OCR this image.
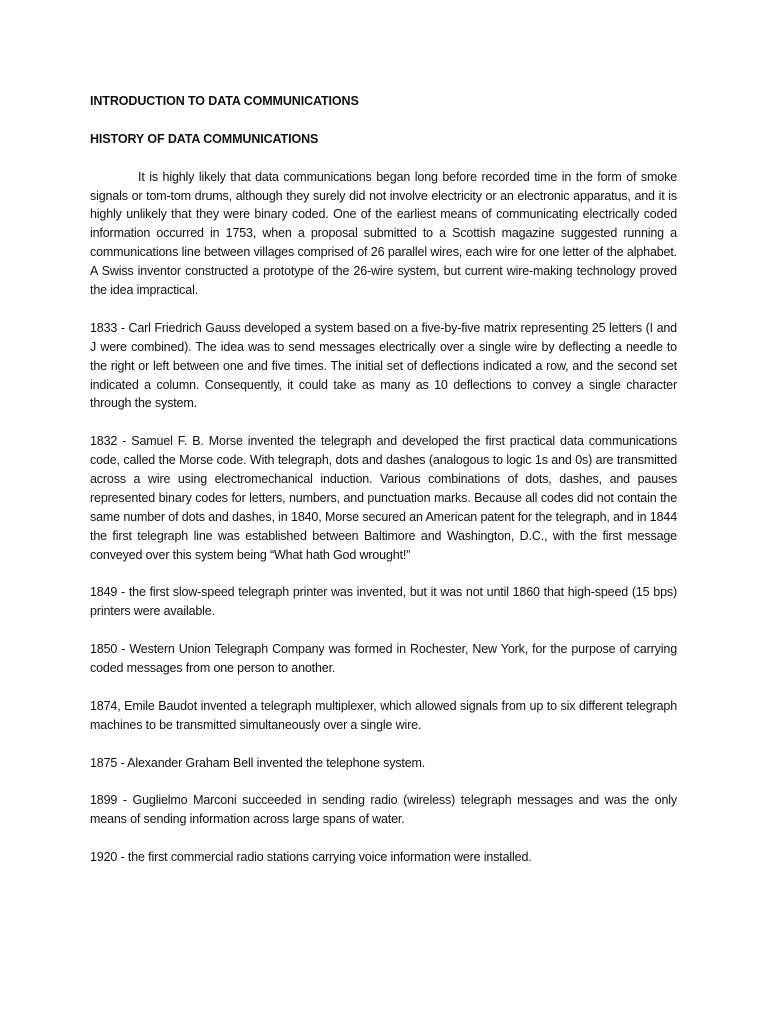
INTRODUCTION TO DATA COMMUNICATIONS

HISTORY OF DATA COMMUNICATIONS

It is highly likely that data communications began long before recorded time in the form of smoke signals or tom-tom drums, although they surely did not involve electricity or an electronic apparatus, and it is highly unlikely that they were binary coded. One of the earliest means of communicating electrically coded information occurred in 1753, when a proposal submitted to a Scottish magazine suggested running a communications line between villages comprised of 26 parallel wires, each wire for one letter of the alphabet. A Swiss inventor constructed a prototype of the 26-wire system, but current wire-making technology proved the idea impractical.

1833 - Carl Friedrich Gauss developed a system based on a five-by-five matrix representing 25 letters (I and J were combined). The idea was to send messages electrically over a single wire by deflecting a needle to the right or left between one and five times. The initial set of deflections indicated a row, and the second set indicated a column. Consequently, it could take as many as 10 deflections to convey a single character through the system.

1832 - Samuel F. B. Morse invented the telegraph and developed the first practical data communications code, called the Morse code. With telegraph, dots and dashes (analogous to logic 1s and 0s) are transmitted across a wire using electromechanical induction. Various combinations of dots, dashes, and pauses represented binary codes for letters, numbers, and punctuation marks. Because all codes did not contain the same number of dots and dashes, in 1840, Morse secured an American patent for the telegraph, and in 1844 the first telegraph line was established between Baltimore and Washington, D.C., with the first message conveyed over this system being “What hath God wrought!”

1849 - the first slow-speed telegraph printer was invented, but it was not until 1860 that high-speed (15 bps) printers were available.

1850 - Western Union Telegraph Company was formed in Rochester, New York, for the purpose of carrying coded messages from one person to another.

1874, Emile Baudot invented a telegraph multiplexer, which allowed signals from up to six different telegraph machines to be transmitted simultaneously over a single wire.

1875 - Alexander Graham Bell invented the telephone system.

1899 - Guglielmo Marconi succeeded in sending radio (wireless) telegraph messages and was the only means of sending information across large spans of water.

1920 - the first commercial radio stations carrying voice information were installed.
